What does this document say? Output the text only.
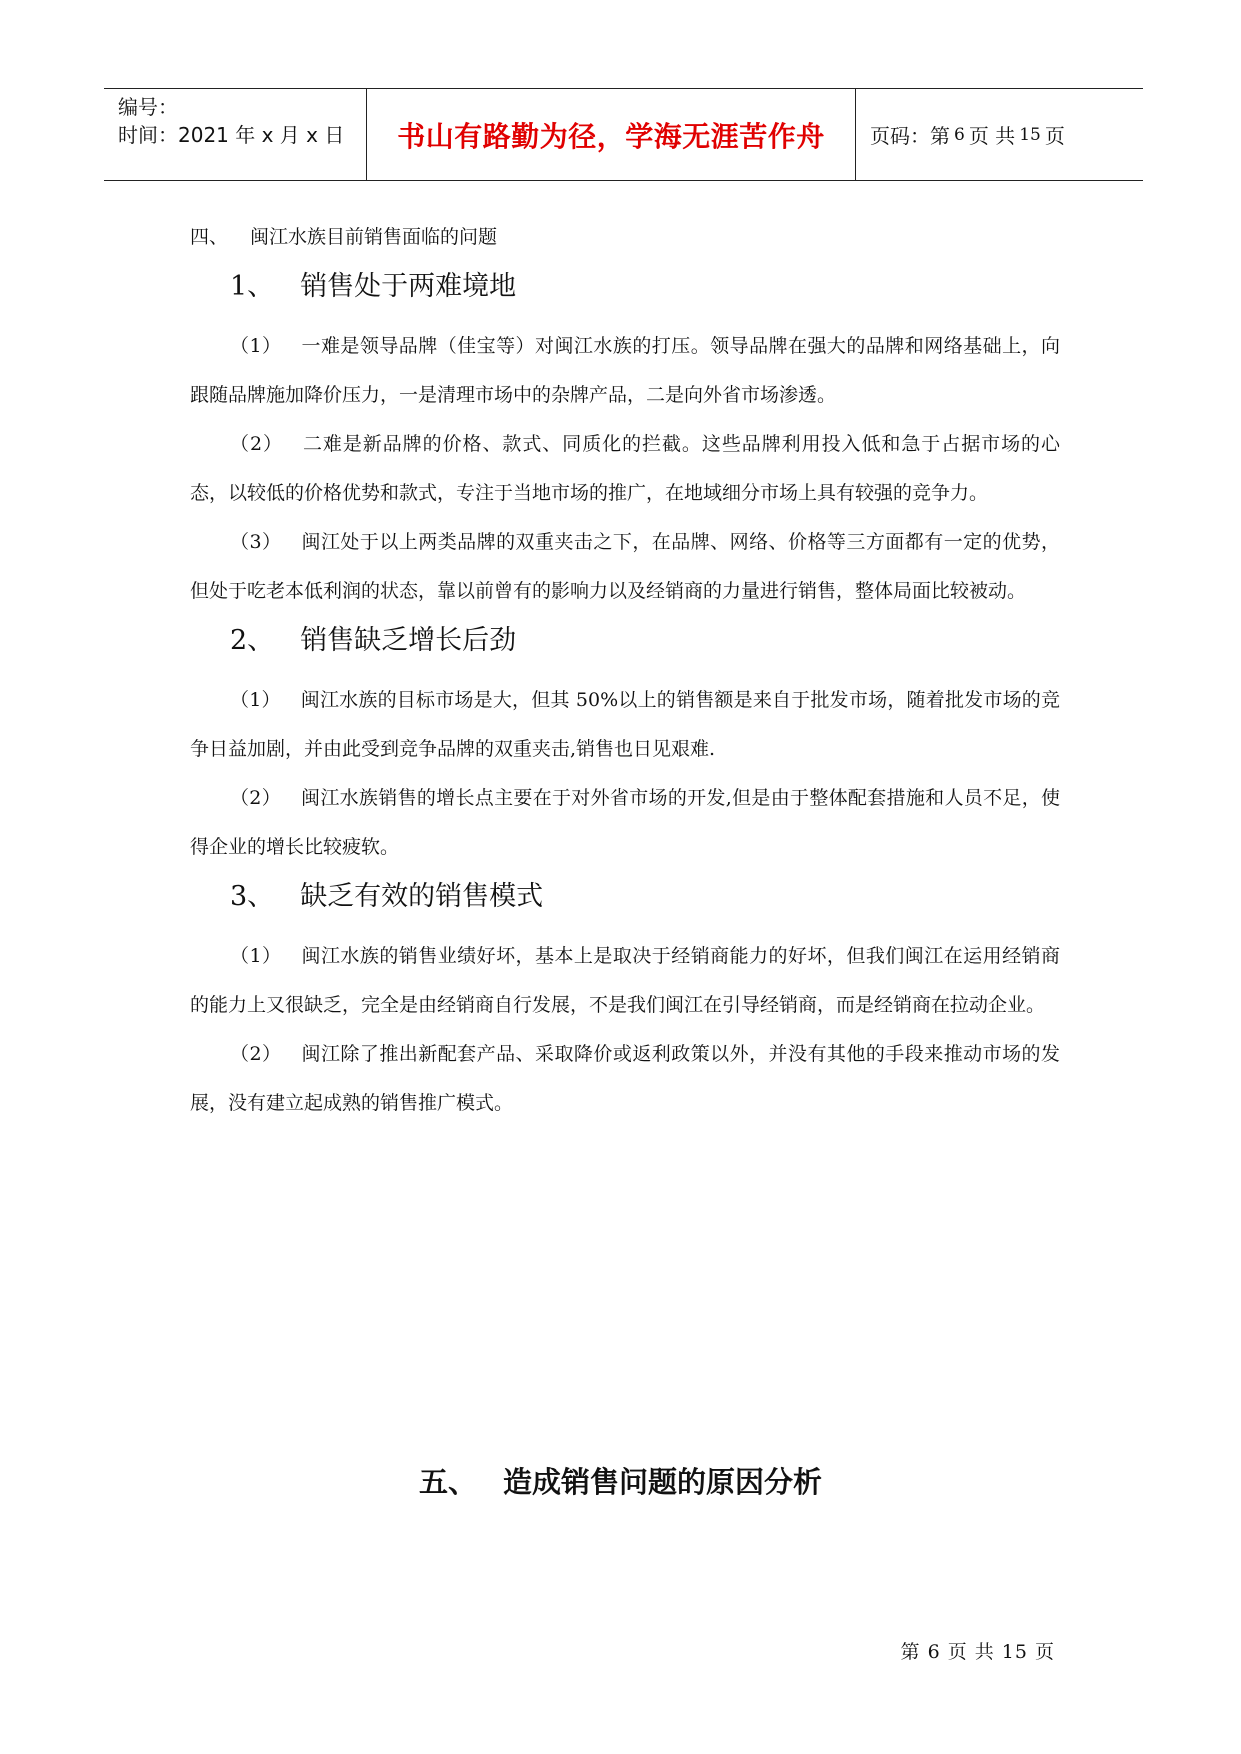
编号：
时间：2021 年 x 月 x 日	书山有路勤为径，学海无涯苦作舟	页码：第 6 页 共 15 页

四、 闽江水族目前销售面临的问题

1、 销售处于两难境地

（1） 一难是领导品牌（佳宝等）对闽江水族的打压。领导品牌在强大的品牌和网络基础上，向跟随品牌施加降价压力，一是清理市场中的杂牌产品，二是向外省市场渗透。

（2） 二难是新品牌的价格、款式、同质化的拦截。这些品牌利用投入低和急于占据市场的心态，以较低的价格优势和款式，专注于当地市场的推广，在地域细分市场上具有较强的竞争力。

（3） 闽江处于以上两类品牌的双重夹击之下，在品牌、网络、价格等三方面都有一定的优势，但处于吃老本低利润的状态，靠以前曾有的影响力以及经销商的力量进行销售，整体局面比较被动。

2、 销售缺乏增长后劲

（1） 闽江水族的目标市场是大，但其 50%以上的销售额是来自于批发市场，随着批发市场的竞争日益加剧，并由此受到竞争品牌的双重夹击,销售也日见艰难.

（2） 闽江水族销售的增长点主要在于对外省市场的开发,但是由于整体配套措施和人员不足，使得企业的增长比较疲软。

3、 缺乏有效的销售模式

（1） 闽江水族的销售业绩好坏，基本上是取决于经销商能力的好坏，但我们闽江在运用经销商的能力上又很缺乏，完全是由经销商自行发展，不是我们闽江在引导经销商，而是经销商在拉动企业。

（2） 闽江除了推出新配套产品、采取降价或返利政策以外，并没有其他的手段来推动市场的发展，没有建立起成熟的销售推广模式。

五、 造成销售问题的原因分析
第 6 页 共 15 页
